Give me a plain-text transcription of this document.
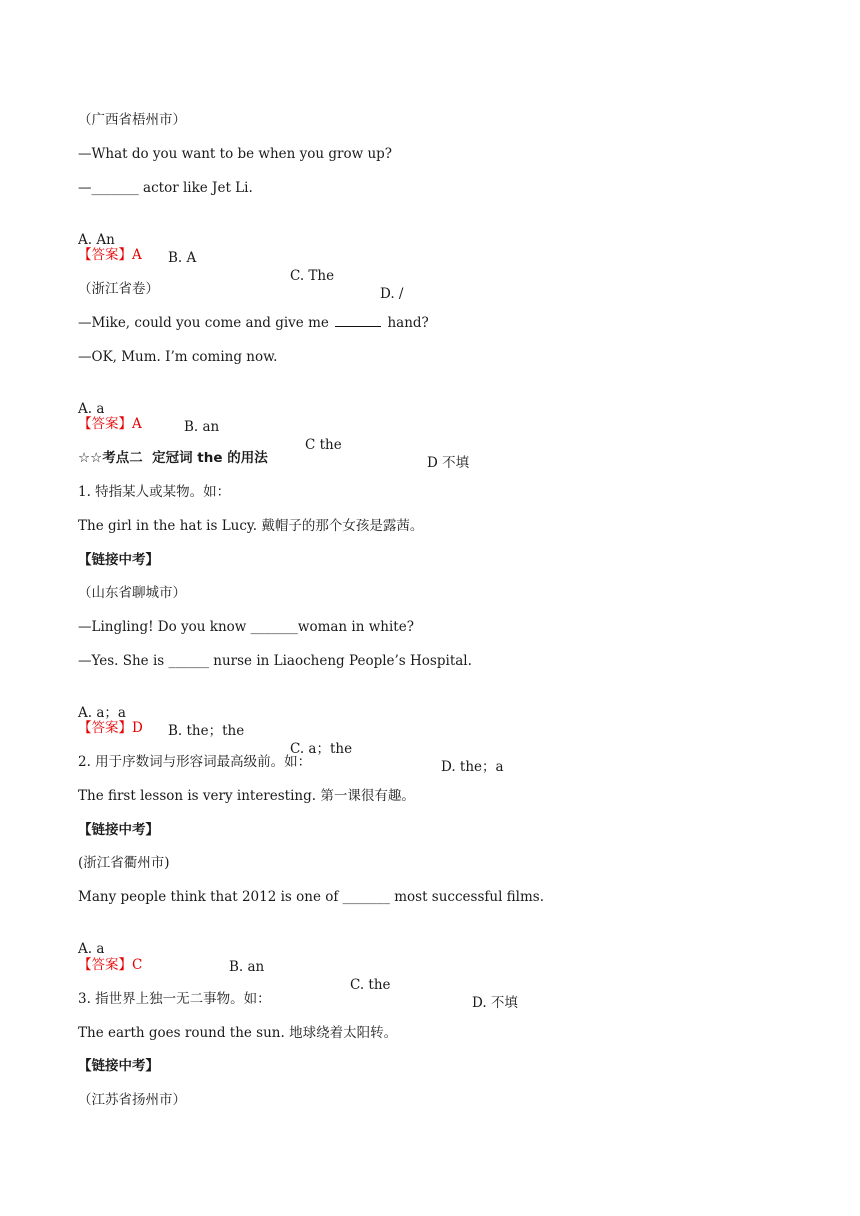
（广西省梧州市）
—What do you want to be when you grow up?
—_______ actor like Jet Li.

A. An

B. A

C. The

D. /

【答案】A
（浙江省卷）
—Mike, could you come and give me	hand?
—OK, Mum. I’m coming now.

A. a

B. an

C the

D 不填

【答案】A
☆☆考点二  定冠词 the 的用法
1. 特指某人或某物。如：
The girl in the hat is Lucy. 戴帽子的那个女孩是露茜。
【链接中考】
（山东省聊城市）
—Lingling! Do you know _______woman in white?
—Yes. She is ______ nurse in Liaocheng People’s Hospital.

A. a；a

B. the；the

C. a；the

D. the；a

【答案】D
2. 用于序数词与形容词最高级前。如：
The first lesson is very interesting. 第一课很有趣。
【链接中考】
(浙江省衢州市)
Many people think that 2012 is one of _______ most successful films.

A. a

B. an

C. the

D. 不填

【答案】C
3. 指世界上独一无二事物。如：
The earth goes round the sun. 地球绕着太阳转。
【链接中考】
（江苏省扬州市）
